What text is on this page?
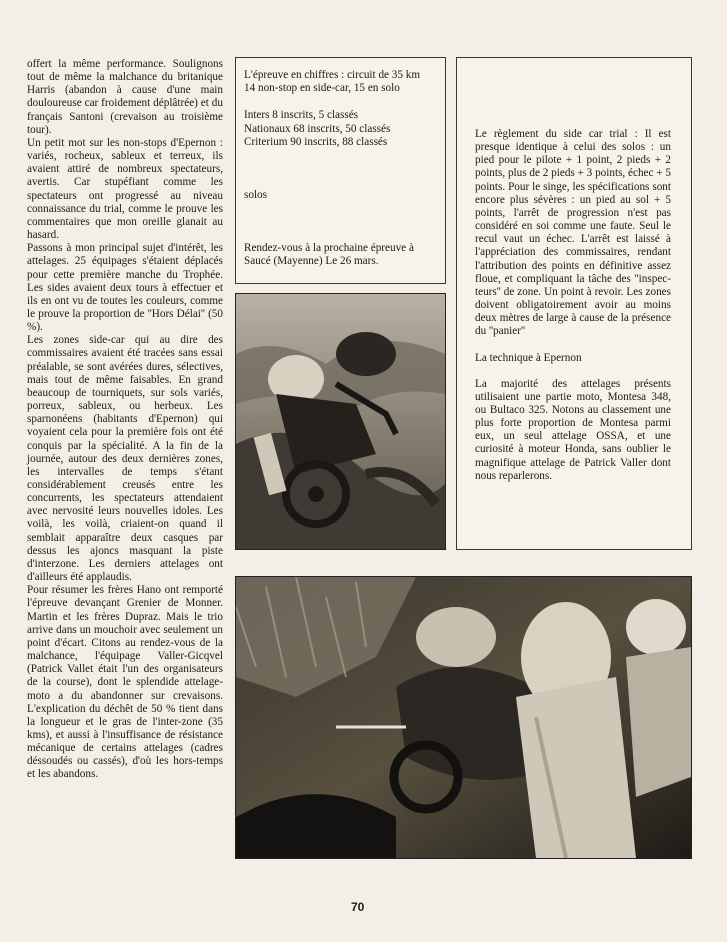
offert la même performance. Soulignons tout de même la malchance du britanique Harris (abandon à cause d'une main douloureuse car froidement déplâtrée) et du français Santoni (crevaison au troisième tour).

Un petit mot sur les non-stops d'Epernon : variés, rocheux, sableux et terreux, ils avaient attiré de nombreux spectateurs, avertis. Car stupéfiant comme les spectateurs ont progressé au niveau connaissance du trial, comme le prouve les commentaires que mon oreille glanait au hasard.

Passons à mon principal sujet d'intérêt, les attelages. 25 équipages s'étaient déplacés pour cette première manche du Trophée. Les sides avaient deux tours à effectuer et ils en ont vu de toutes les couleurs, comme le prouve la proportion de ''Hors Délai'' (50 %).

Les zones side-car qui au dire des commissaires avaient été tracées sans essai préalable, se sont avérées dures, sélectives, mais tout de même faisables. En grand beaucoup de tourniquets, sur sols variés, porreux, sableux, ou herbeux. Les sparnonéens (habitants d'Epernon) qui voyaient cela pour la première fois ont été conquis par la spécialité. A la fin de la journée, autour des deux dernières zones, les intervalles de temps s'étant considérablement creusés entre les concurrents, les spectateurs attendaient avec nervosité leurs nouvelles idoles. Les voilà, les voilà, criaient-on quand il semblait apparaître deux casques par dessus les ajoncs masquant la piste d'interzone. Les derniers attelages ont d'ailleurs été applaudis.

Pour résumer les frères Hano ont remporté l'épreuve devançant Grenier de Monner. Martin et les frères Dupraz. Mais le trio arrive dans un mouchoir avec seulement un point d'écart. Citons au rendez-vous de la malchance, l'équipage Valler-Gicqvel (Patrick Vallet était l'un des organisateurs de la course), dont le splendide attelage-moto a du abandonner sur crevaisons. L'explication du déchêt de 50 % tient dans la longueur et le gras de l'inter-zone (35 kms), et aussi à l'insuffisance de résistance mécanique de certains attelages (cadres déssoudés ou cassés), d'où les hors-temps et les abandons.

L'épreuve en chiffres : circuit de 35 km

14 non-stop en side-car, 15 en solo

Inters 8 inscrits, 5 classés

Nationaux 68 inscrits, 50 classés

Criterium 90 inscrits, 88 classés

solos

Rendez-vous à la prochaine épreuve à Saucé (Mayenne) Le 26 mars.

Le règlement du side car trial : Il est presque identique à celui des solos : un pied pour le pilote + 1 point, 2 pieds + 2 points, plus de 2 pieds + 3 points, échec + 5 points. Pour le singe, les spécifications sont encore plus sévères : un pied au sol + 5 points, l'arrêt de progression n'est pas considéré en soi comme une faute. Seul le recul vaut un échec. L'arrêt est laissé à l'appréciation des commissaires, rendant l'attribution des points en définitive assez floue, et compliquant la tâche des ''inspecteurs'' de zone. Un point à revoir. Les zones doivent obligatoirement avoir au moins deux mètres de large à cause de la présence du ''panier''

La technique à Epernon

La majorité des attelages présents utilisaient une partie moto, Montesa 348, ou Bultaco 325. Notons au classement une plus forte proportion de Montesa parmi eux, un seul attelage OSSA, et une curiosité à moteur Honda, sans oublier le magnifique attelage de Patrick Valler dont nous reparlerons.

70
